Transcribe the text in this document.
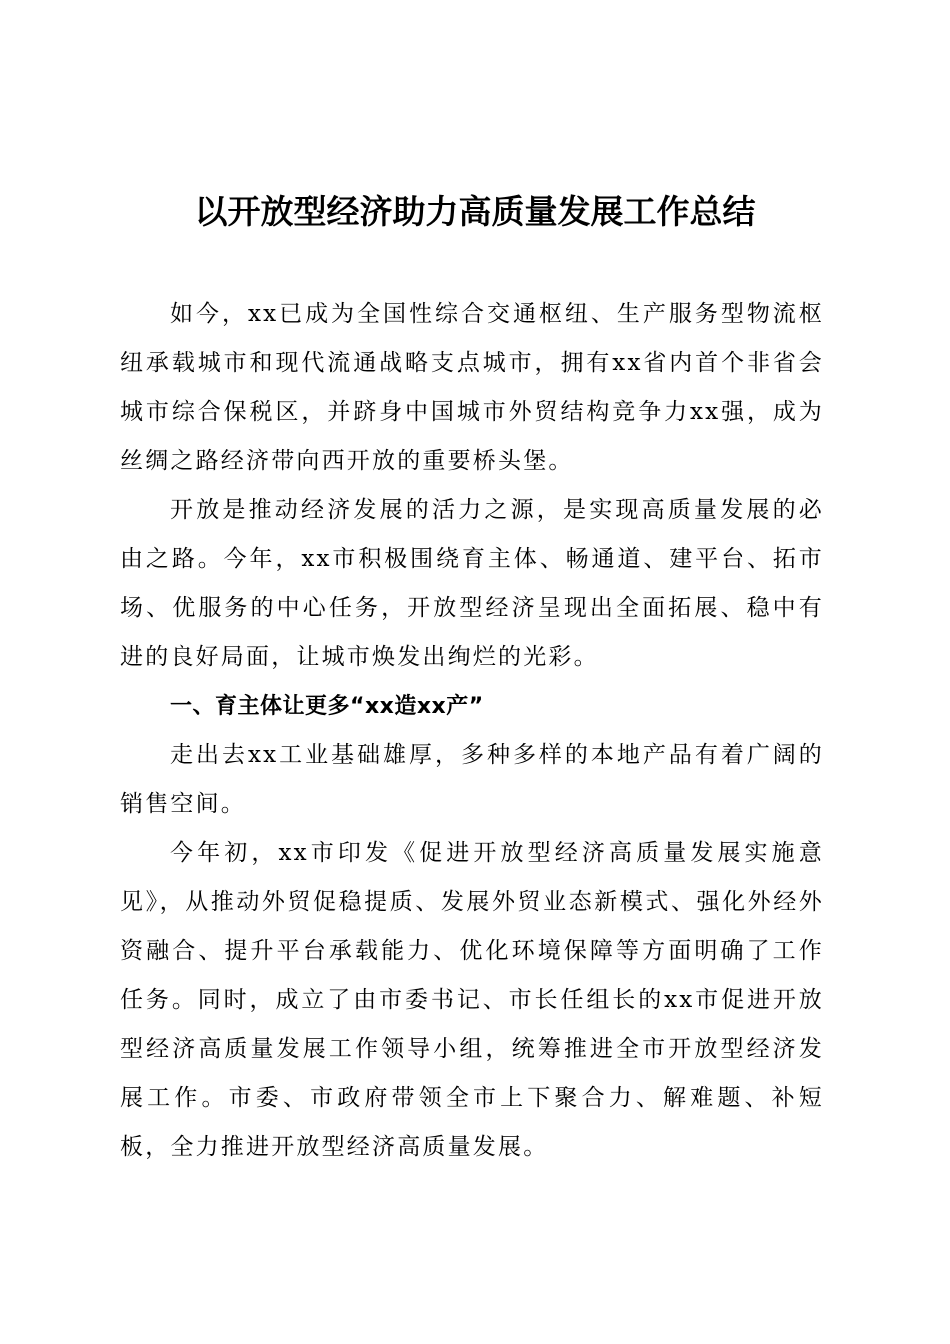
以开放型经济助力高质量发展工作总结

如今，xx已成为全国性综合交通枢纽、生产服务型物流枢纽承载城市和现代流通战略支点城市，拥有xx省内首个非省会城市综合保税区，并跻身中国城市外贸结构竞争力xx强，成为丝绸之路经济带向西开放的重要桥头堡。

开放是推动经济发展的活力之源，是实现高质量发展的必由之路。今年，xx市积极围绕育主体、畅通道、建平台、拓市场、优服务的中心任务，开放型经济呈现出全面拓展、稳中有进的良好局面，让城市焕发出绚烂的光彩。

一、育主体让更多“xx造xx产”

走出去xx工业基础雄厚，多种多样的本地产品有着广阔的销售空间。

今年初，xx市印发《促进开放型经济高质量发展实施意见》，从推动外贸促稳提质、发展外贸业态新模式、强化外经外资融合、提升平台承载能力、优化环境保障等方面明确了工作任务。同时，成立了由市委书记、市长任组长的xx市促进开放型经济高质量发展工作领导小组，统筹推进全市开放型经济发展工作。市委、市政府带领全市上下聚合力、解难题、补短板，全力推进开放型经济高质量发展。
